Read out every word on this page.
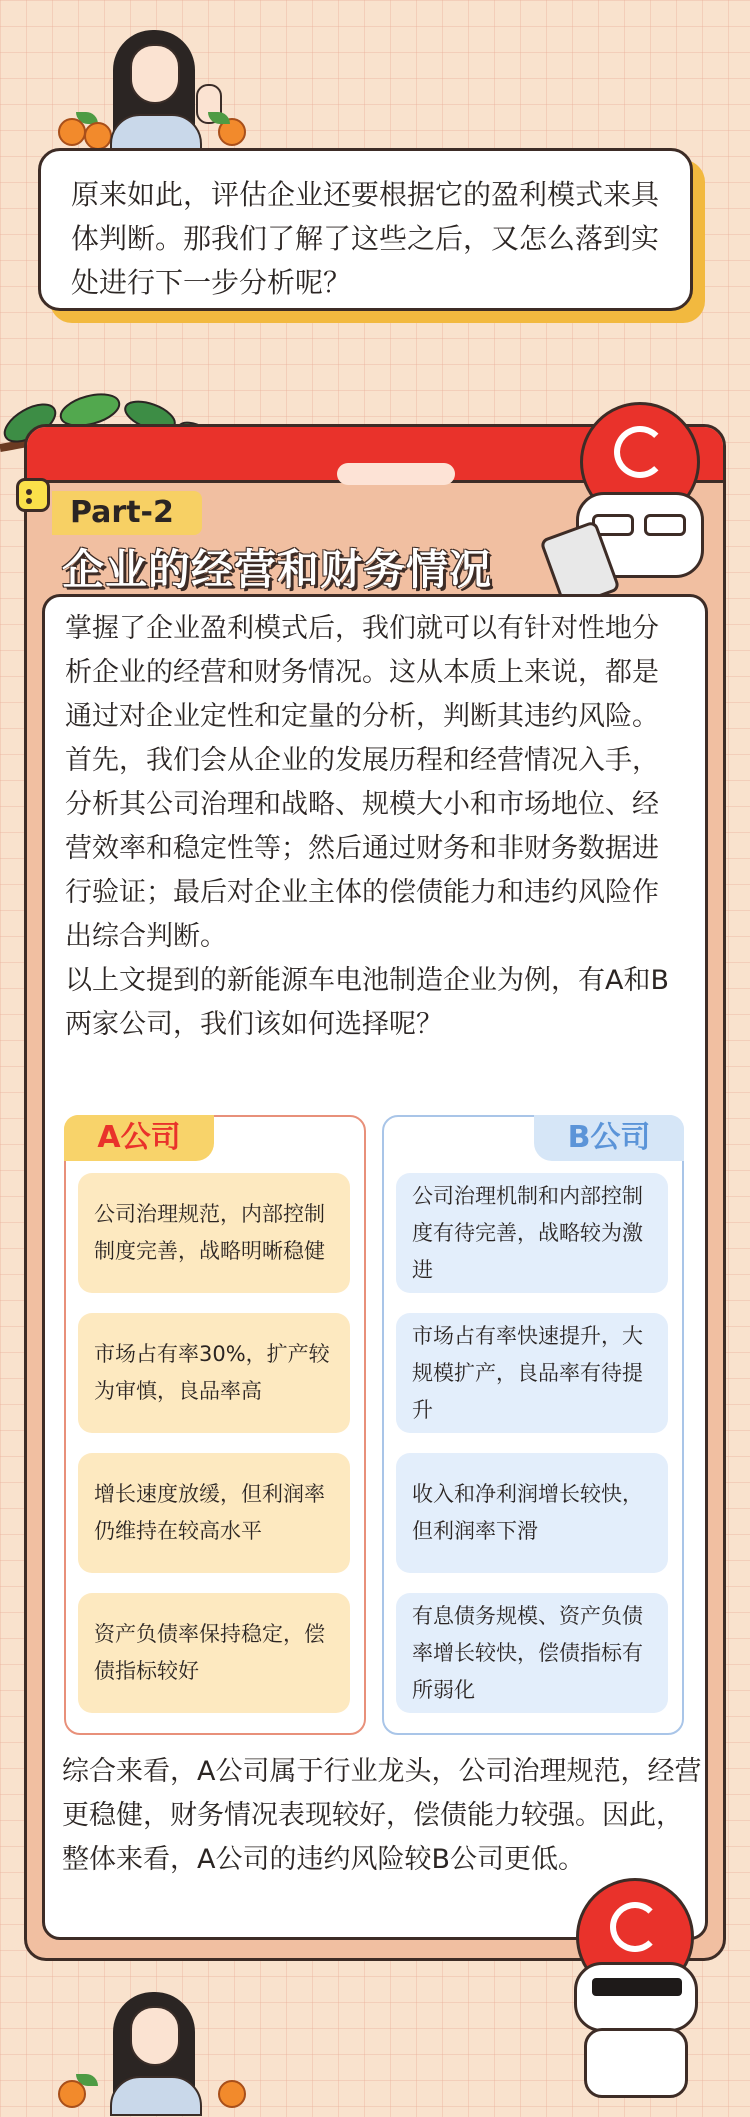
原来如此，评估企业还要根据它的盈利模式来具体判断。那我们了解了这些之后，又怎么落到实处进行下一步分析呢？

Part-2
企业的经营和财务情况

掌握了企业盈利模式后，我们就可以有针对性地分析企业的经营和财务情况。这从本质上来说，都是通过对企业定性和定量的分析，判断其违约风险。

首先，我们会从企业的发展历程和经营情况入手，分析其公司治理和战略、规模大小和市场地位、经营效率和稳定性等；然后通过财务和非财务数据进行验证；最后对企业主体的偿债能力和违约风险作出综合判断。

以上文提到的新能源车电池制造企业为例，有A和B两家公司，我们该如何选择呢？

A公司
公司治理规范，内部控制制度完善，战略明晰稳健
市场占有率30%，扩产较为审慎，良品率高
增长速度放缓，但利润率仍维持在较高水平
资产负债率保持稳定，偿债指标较好
B公司
公司治理机制和内部控制度有待完善，战略较为激进
市场占有率快速提升，大规模扩产，良品率有待提升
收入和净利润增长较快，但利润率下滑
有息债务规模、资产负债率增长较快，偿债指标有所弱化

综合来看，A公司属于行业龙头，公司治理规范，经营更稳健，财务情况表现较好，偿债能力较强。因此，整体来看，A公司的违约风险较B公司更低。
